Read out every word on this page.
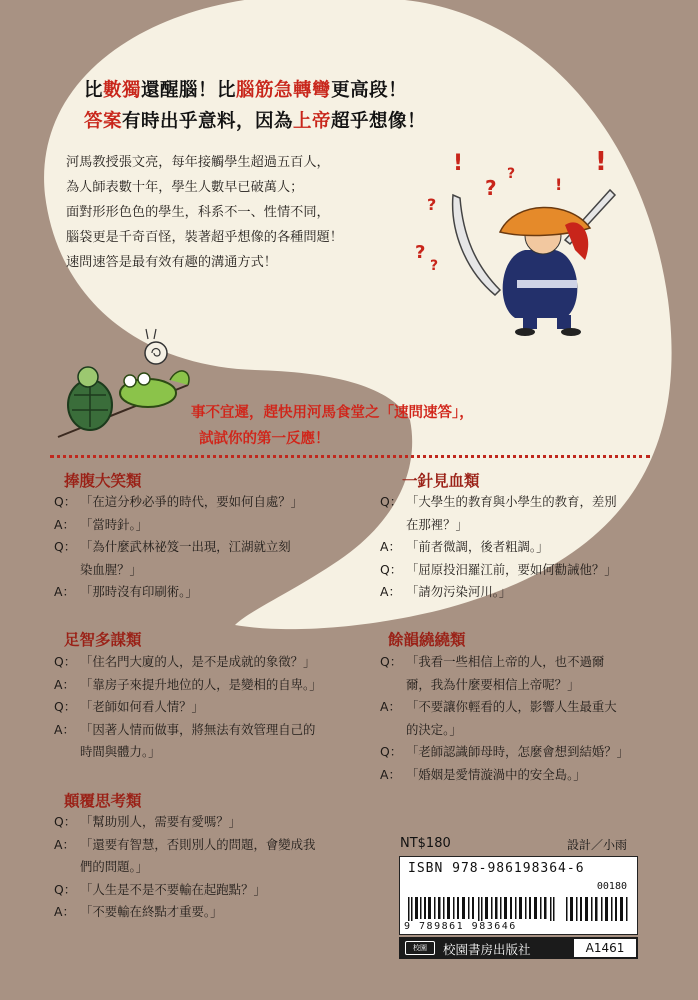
比數獨還醒腦！比腦筋急轉彎更高段！
答案有時出乎意料，因為上帝超乎想像！
河馬教授張文亮，每年接觸學生超過五百人，
為人師表數十年，學生人數早已破萬人；
面對形形色色的學生，科系不一、性情不同，
腦袋更是千奇百怪，裝著超乎想像的各種問題！
速問速答是最有效有趣的溝通方式！
!
?
?	!
!
?
?
?
事不宜遲，趕快用河馬食堂之「速問速答」，
試試你的第一反應！
捧腹大笑類
Q： 「在這分秒必爭的時代，要如何自處？」
A： 「當時針。」
Q： 「為什麼武林祕笈一出現，江湖就立刻
染血腥？」
A： 「那時沒有印刷術。」
一針見血類
Q： 「大學生的教育與小學生的教育，差別
在那裡？」
A： 「前者微調，後者粗調。」
Q： 「屈原投汨羅江前，要如何勸誡他？」
A： 「請勿污染河川。」
足智多謀類
Q： 「住名門大廈的人，是不是成就的象徵？」
A： 「靠房子來提升地位的人，是變相的自卑。」
Q： 「老師如何看人情？」
A： 「因著人情而做事，將無法有效管理自己的
時間與體力。」
餘韻繞繞類
Q： 「我看一些相信上帝的人，也不過爾
爾，我為什麼要相信上帝呢？」
A： 「不要讓你輕看的人，影響人生最重大
的決定。」
Q： 「老師認識師母時，怎麼會想到結婚？」
A： 「婚姻是愛情漩渦中的安全島。」
顛覆思考類
Q： 「幫助別人，需要有愛嗎？」
A： 「還要有智慧，否則別人的問題，會變成我
們的問題。」
Q： 「人生是不是不要輸在起跑點？」
A： 「不要輸在終點才重要。」
NT$180	設計／小雨
ISBN 978-986198364-6
00180
9 789861 983646
校園	校園書房出版社	A1461
